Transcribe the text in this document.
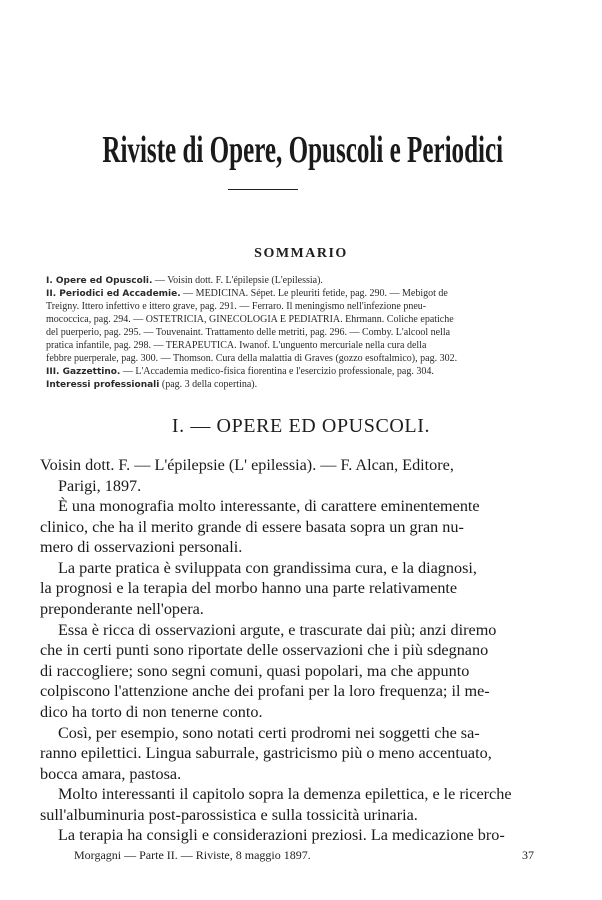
Riviste di Opere, Opuscoli e Periodici
SOMMARIO
I. Opere ed Opuscoli. — Voisin dott. F. L'épilepsie (L'epilessia).
II. Periodici ed Accademie. — MEDICINA. Sépet. Le pleuriti fetide, pag. 290. — Mebigot de
Treigny. Ittero infettivo e ittero grave, pag. 291. — Ferraro. Il meningismo nell'infezione pneu-
mococcica, pag. 294. — OSTETRICIA, GINECOLOGIA E PEDIATRIA. Ehrmann. Coliche epatiche
del puerperio, pag. 295. — Touvenaint. Trattamento delle metriti, pag. 296. — Comby. L'alcool nella
pratica infantile, pag. 298. — TERAPEUTICA. Iwanof. L'unguento mercuriale nella cura della
febbre puerperale, pag. 300. — Thomson. Cura della malattia di Graves (gozzo esoftalmico), pag. 302.
III. Gazzettino. — L'Accademia medico-fisica fiorentina e l'esercizio professionale, pag. 304.
Interessi professionali (pag. 3 della copertina).
I. — OPERE ED OPUSCOLI.
Voisin dott. F. — L'épilepsie (L' epilessia). — F. Alcan, Editore,
Parigi, 1897.
È una monografia molto interessante, di carattere eminentemente
clinico, che ha il merito grande di essere basata sopra un gran nu-
mero di osservazioni personali.
La parte pratica è sviluppata con grandissima cura, e la diagnosi,
la prognosi e la terapia del morbo hanno una parte relativamente
preponderante nell'opera.
Essa è ricca di osservazioni argute, e trascurate dai più; anzi diremo
che in certi punti sono riportate delle osservazioni che i più sdegnano
di raccogliere; sono segni comuni, quasi popolari, ma che appunto
colpiscono l'attenzione anche dei profani per la loro frequenza; il me-
dico ha torto di non tenerne conto.
Così, per esempio, sono notati certi prodromi nei soggetti che sa-
ranno epilettici. Lingua saburrale, gastricismo più o meno accentuato,
bocca amara, pastosa.
Molto interessanti il capitolo sopra la demenza epilettica, e le ricerche
sull'albuminuria post-parossistica e sulla tossicità urinaria.
La terapia ha consigli e considerazioni preziosi. La medicazione bro-
Morgagni — Parte II. — Riviste, 8 maggio 1897.	37
